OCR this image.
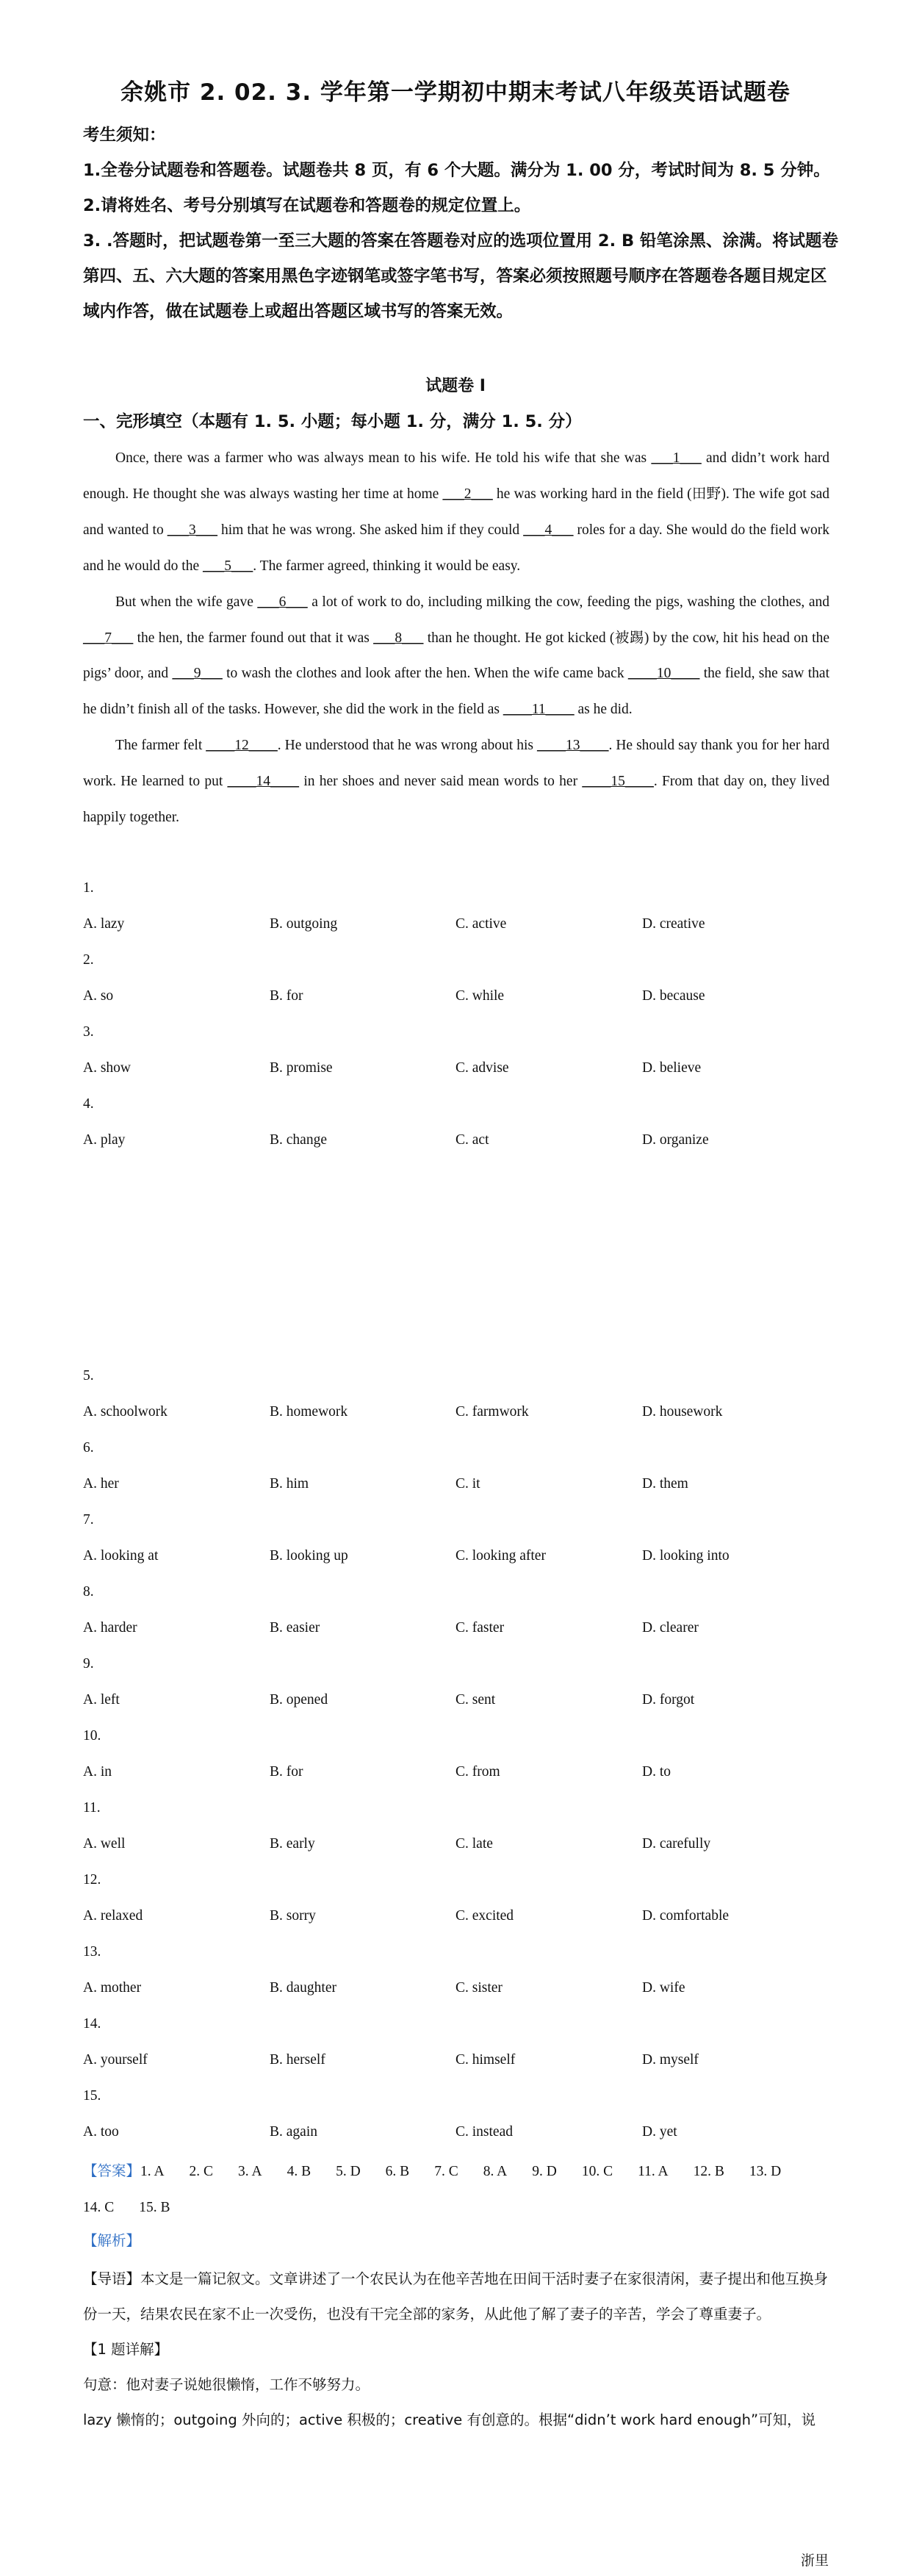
余姚市 2. 02. 3. 学年第一学期初中期末考试八年级英语试题卷

考生须知：

1.全卷分试题卷和答题卷。试题卷共 8 页，有 6 个大题。满分为 1. 00 分，考试时间为 8. 5 分钟。

2.请将姓名、考号分别填写在试题卷和答题卷的规定位置上。

3. .答题时，把试题卷第一至三大题的答案在答题卷对应的选项位置用 2. B 铅笔涂黑、涂满。将试题卷第四、五、六大题的答案用黑色字迹钢笔或签字笔书写，答案必须按照题号顺序在答题卷各题目规定区域内作答，做在试题卷上或超出答题区域书写的答案无效。

试题卷 I
一、完形填空（本题有 1. 5. 小题；每小题 1. 分，满分 1. 5. 分）

Once, there was a farmer who was always mean to his wife. He told his wife that she was ___1___ and didn’t work hard enough. He thought she was always wasting her time at home ___2___ he was working hard in the field (田野). The wife got sad and wanted to ___3___ him that he was wrong. She asked him if they could ___4___ roles for a day. She would do the field work and he would do the ___5___. The farmer agreed, thinking it would be easy.

But when the wife gave ___6___ a lot of work to do, including milking the cow, feeding the pigs, washing the clothes, and ___7___ the hen, the farmer found out that it was ___8___ than he thought. He got kicked (被踢) by the cow, hit his head on the pigs’ door, and ___9___ to wash the clothes and look after the hen. When the wife came back ____10____ the field, she saw that he didn’t finish all of the tasks. However, she did the work in the field as ____11____ as he did.

The farmer felt ____12____. He understood that he was wrong about his ____13____. He should say thank you for her hard work. He learned to put ____14____ in her shoes and never said mean words to her ____15____. From that day on, they lived happily together.

1.
A. lazy	B. outgoing	C. active	D. creative
2.
A. so	B. for	C. while	D. because
3.
A. show	B. promise	C. advise	D. believe
4.
A. play	B. change	C. act	D. organize
5.
A. schoolwork	B. homework	C. farmwork	D. housework
6.
A. her	B. him	C. it	D. them
7.
A. looking at	B. looking up	C. looking after	D. looking into
8.
A. harder	B. easier	C. faster	D. clearer
9.
A. left	B. opened	C. sent	D. forgot
10.
A. in	B. for	C. from	D. to
11.
A. well	B. early	C. late	D. carefully
12.
A. relaxed	B. sorry	C. excited	D. comfortable
13.
A. mother	B. daughter	C. sister	D. wife
14.
A. yourself	B. herself	C. himself	D. myself
15.
A. too	B. again	C. instead	D. yet
【答案】1. A 2. C 3. A 4. B 5. D 6. B 7. C 8. A 9. D 10. C 11. A 12. B 13. D14. C 15. B
【解析】

【导语】本文是一篇记叙文。文章讲述了一个农民认为在他辛苦地在田间干活时妻子在家很清闲，妻子提出和他互换身份一天，结果农民在家不止一次受伤，也没有干完全部的家务，从此他了解了妻子的辛苦，学会了尊重妻子。

【1 题详解】

句意：他对妻子说她很懒惰，工作不够努力。

lazy 懒惰的；outgoing 外向的；active 积极的；creative 有创意的。根据“didn’t work hard enough”可知，说

浙里
